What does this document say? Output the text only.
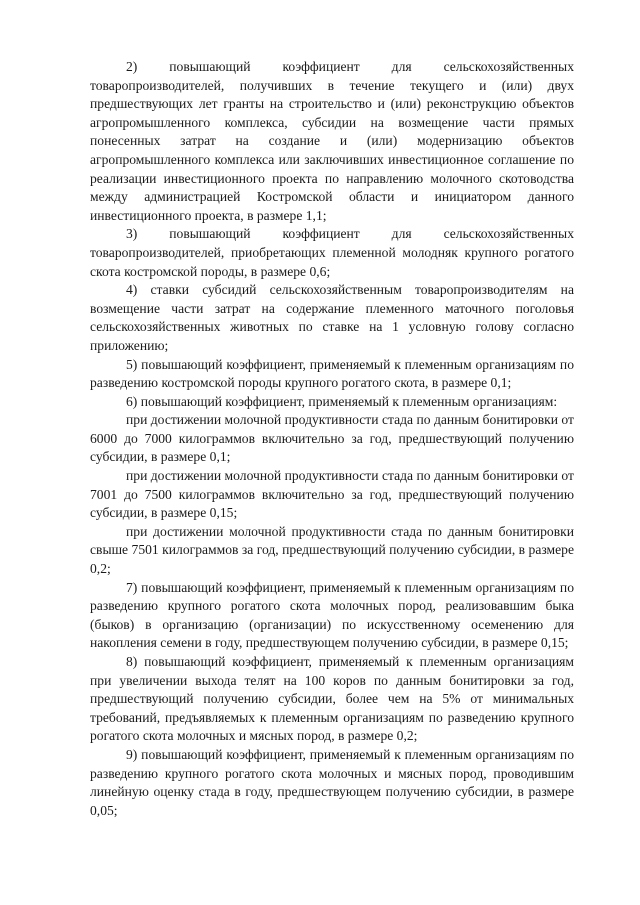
2) повышающий коэффициент для сельскохозяйственных товаропроизводителей, получивших в течение текущего и (или) двух предшествующих лет гранты на строительство и (или) реконструкцию объектов агропромышленного комплекса, субсидии на возмещение части прямых понесенных затрат на создание и (или) модернизацию объектов агропромышленного комплекса или заключивших инвестиционное соглашение по реализации инвестиционного проекта по направлению молочного скотоводства между администрацией Костромской области и инициатором данного инвестиционного проекта, в размере 1,1;

3) повышающий коэффициент для сельскохозяйственных товаропроизводителей, приобретающих племенной молодняк крупного рогатого скота костромской породы, в размере 0,6;

4) ставки субсидий сельскохозяйственным товаропроизводителям на возмещение части затрат на содержание племенного маточного поголовья сельскохозяйственных животных по ставке на 1 условную голову согласно приложению;

5) повышающий коэффициент, применяемый к племенным организациям по разведению костромской породы крупного рогатого скота, в размере 0,1;

6) повышающий коэффициент, применяемый к племенным организациям:

при достижении молочной продуктивности стада по данным бонитировки от 6000 до 7000 килограммов включительно за год, предшествующий получению субсидии, в размере 0,1;

при достижении молочной продуктивности стада по данным бонитировки от 7001 до 7500 килограммов включительно за год, предшествующий получению субсидии, в размере 0,15;

при достижении молочной продуктивности стада по данным бонитировки свыше 7501 килограммов за год, предшествующий получению субсидии, в размере 0,2;

7) повышающий коэффициент, применяемый к племенным организациям по разведению крупного рогатого скота молочных пород, реализовавшим быка (быков) в организацию (организации) по искусственному осеменению для накопления семени в году, предшествующем получению субсидии, в размере 0,15;

8) повышающий коэффициент, применяемый к племенным организациям при увеличении выхода телят на 100 коров по данным бонитировки за год, предшествующий получению субсидии, более чем на 5% от минимальных требований, предъявляемых к племенным организациям по разведению крупного рогатого скота молочных и мясных пород, в размере 0,2;

9) повышающий коэффициент, применяемый к племенным организациям по разведению крупного рогатого скота молочных и мясных пород, проводившим линейную оценку стада в году, предшествующем получению субсидии, в размере 0,05;
